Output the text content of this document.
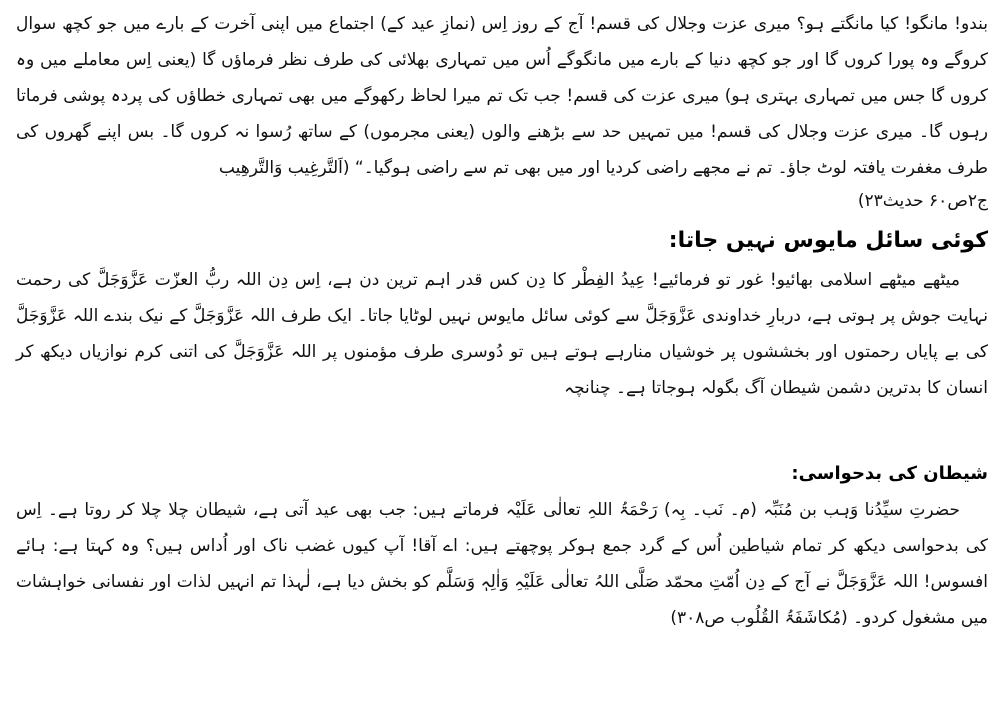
بندو! مانگو! کیا مانگتے ہو؟ میری عزت وجلال کی قسم! آج کے روز اِس (نمازِ عید کے) اجتماع میں اپنی آخرت کے بارے میں جو کچھ سوال کروگے وہ پورا کروں گا اور جو کچھ دنیا کے بارے میں مانگوگے اُس میں تمہاری بھلائی کی طرف نظر فرماؤں گا (یعنی اِس معاملے میں وہ کروں گا جس میں تمہاری بہتری ہو) میری عزت کی قسم! جب تک تم میرا لحاظ رکھوگے میں بھی تمہاری خطاؤں کی پردہ پوشی فرماتا رہوں گا۔ میری عزت وجلال کی قسم! میں تمہیں حد سے بڑھنے والوں (یعنی مجرموں) کے ساتھ رُسوا نہ کروں گا۔ بس اپنے گھروں کی طرف مغفرت یافتہ لوٹ جاؤ۔ تم نے مجھے راضی کردیا اور میں بھی تم سے راضی ہوگیا۔“ (اَلتَّرغِیب وَالتَّرھِیب

ج۲ص۶۰ حدیث۲۳)

کوئی سائل مایوس نہیں جاتا:

میٹھے میٹھے اسلامی بھائیو! غور تو فرمائیے! عِیدُ الفِطْر کا دِن کس قدر اہم ترین دن ہے، اِس دِن اللہ ربُّ العزّت عَزَّوَجَلَّ کی رحمت نہایت جوش پر ہوتی ہے، دربارِ خداوندی عَزَّوَجَلَّ سے کوئی سائل مایوس نہیں لوٹایا جاتا۔ ایک طرف اللہ عَزَّوَجَلَّ کے نیک بندے اللہ عَزَّوَجَلَّ کی بے پایاں رحمتوں اور بخششوں پر خوشیاں منارہے ہوتے ہیں تو دُوسری طرف مؤمنوں پر اللہ عَزَّوَجَلَّ کی اتنی کرم نوازیاں دیکھ کر انسان کا بدترین دشمن شیطان آگ بگولہ ہوجاتا ہے۔ چنانچہ

شیطان کی بدحواسی:

حضرتِ سیِّدُنا وَہب بن مُنَبِّہ (م۔ نَب۔ بِہ) رَحْمَۃُ اللہِ تعالٰی عَلَیْہ فرماتے ہیں: جب بھی عید آتی ہے، شیطان چلا چلا کر روتا ہے۔ اِس کی بدحواسی دیکھ کر تمام شیاطین اُس کے گرد جمع ہوکر پوچھتے ہیں: اے آقا! آپ کیوں غضب ناک اور اُداس ہیں؟ وہ کہتا ہے: ہائے افسوس! اللہ عَزَّوَجَلَّ نے آج کے دِن اُمّتِ محمّد صَلَّی اللہُ تعالٰی عَلَیْہِ وَاٰلِہٖ وَسَلَّم کو بخش دیا ہے، لٰہذا تم انہیں لذات اور نفسانی خواہشات میں مشغول کردو۔ (مُکاشَفَۃُ القُلُوب ص۳۰۸)
